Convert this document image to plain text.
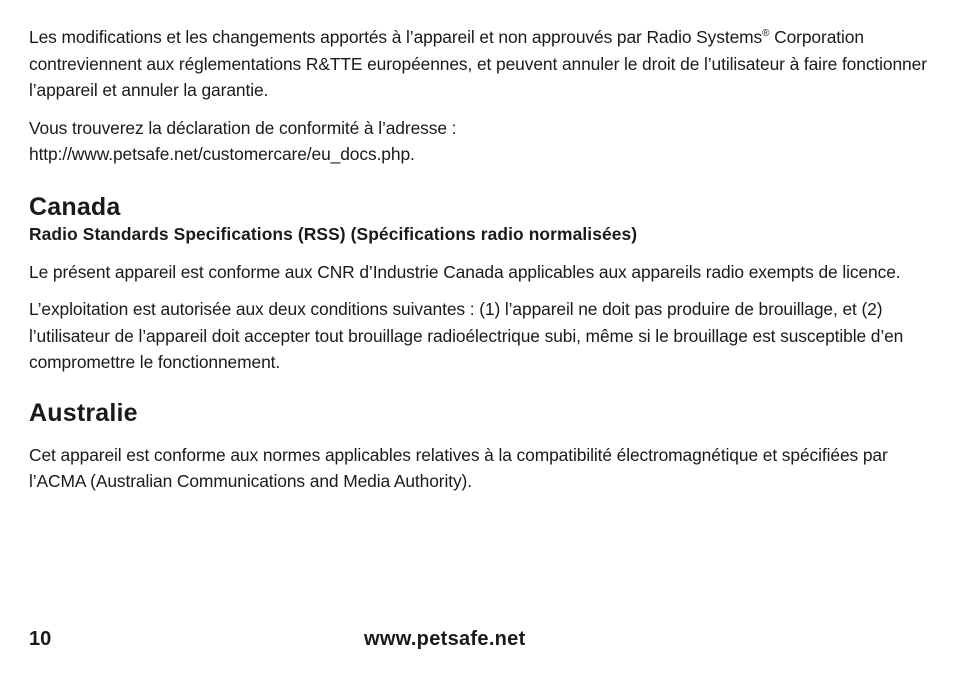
Les modifications et les changements apportés à l’appareil et non approuvés par Radio Systems® Corporation contreviennent aux réglementations R&TTE européennes, et peuvent annuler le droit de l’utilisateur à faire fonctionner l’appareil et annuler la garantie.

Vous trouverez la déclaration de conformité à l’adresse :
http://www.petsafe.net/customercare/eu_docs.php.

Canada
Radio Standards Specifications (RSS) (Spécifications radio normalisées)

Le présent appareil est conforme aux CNR d’Industrie Canada applicables aux appareils radio exempts de licence.

L’exploitation est autorisée aux deux conditions suivantes : (1) l’appareil ne doit pas produire de brouillage, et (2) l’utilisateur de l’appareil doit accepter tout brouillage radioélectrique subi, même si le brouillage est susceptible d’en compromettre le fonctionnement.

Australie

Cet appareil est conforme aux normes applicables relatives à la compatibilité électromagnétique et spécifiées par l’ACMA (Australian Communications and Media Authority).

10	www.petsafe.net
